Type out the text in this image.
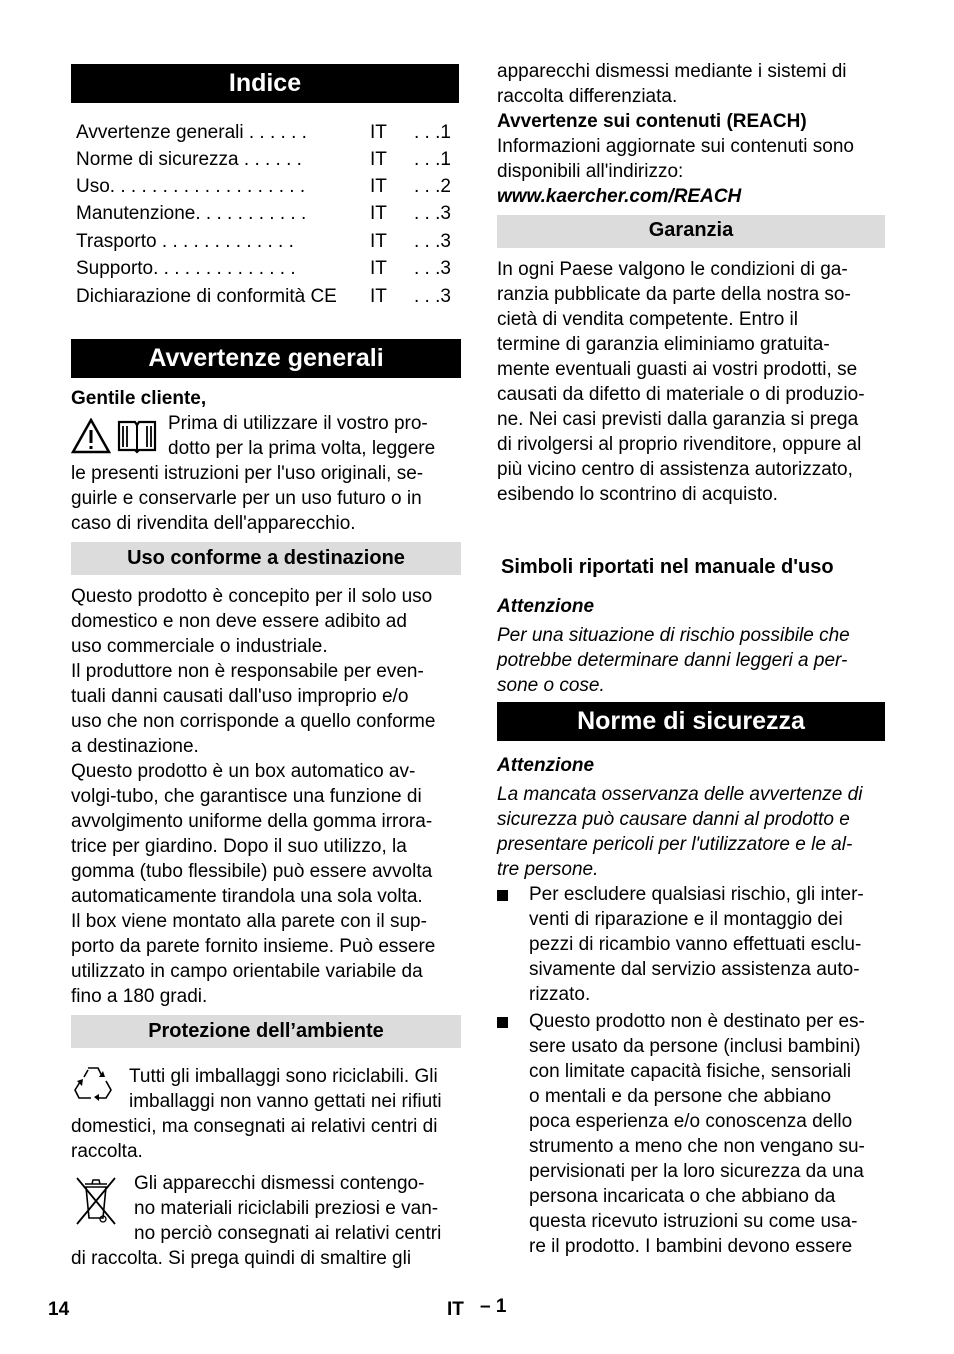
Indice
Avvertenze generali . . . . . .	IT . . .1
Norme di sicurezza . . . . . .	IT . . .1
Uso. . . . . . . . . . . . . . . . . . .	IT . . .2
Manutenzione. . . . . . . . . . .	IT . . .3
Trasporto . . . . . . . . . . . . .	IT . . .3
Supporto. . . . . . . . . . . . . .	IT . . .3
Dichiarazione di conformità CE IT . . .3
Avvertenze generali

Gentile cliente,

Prima di utilizzare il vostro pro-

dotto per la prima volta, leggere

le presenti istruzioni per l'uso originali, se-

guirle e conservarle per un uso futuro o in

caso di rivendita dell'apparecchio.

Uso conforme a destinazione

Questo prodotto è concepito per il solo uso

domestico e non deve essere adibito ad

uso commerciale o industriale.

Il produttore non è responsabile per even-

tuali danni causati dall'uso improprio e/o

uso che non corrisponde a quello conforme

a destinazione.

Questo prodotto è un box automatico av-

volgi-tubo, che garantisce una funzione di

avvolgimento uniforme della gomma irrora-

trice per giardino. Dopo il suo utilizzo, la

gomma (tubo flessibile) può essere avvolta

automaticamente tirandola una sola volta.

Il box viene montato alla parete con il sup-

porto da parete fornito insieme. Può essere

utilizzato in campo orientabile variabile da

fino a 180 gradi.

Protezione dell’ambiente

Tutti gli imballaggi sono riciclabili. Gli

imballaggi non vanno gettati nei rifiuti

domestici, ma consegnati ai relativi centri di

raccolta.

Gli apparecchi dismessi contengo-

no materiali riciclabili preziosi e van-

no perciò consegnati ai relativi centri

di raccolta. Si prega quindi di smaltire gli

apparecchi dismessi mediante i sistemi di

raccolta differenziata.

Avvertenze sui contenuti (REACH)

Informazioni aggiornate sui contenuti sono

disponibili all'indirizzo:

www.kaercher.com/REACH

Garanzia

In ogni Paese valgono le condizioni di ga-

ranzia pubblicate da parte della nostra so-

cietà di vendita competente. Entro il

termine di garanzia eliminiamo gratuita-

mente eventuali guasti ai vostri prodotti, se

causati da difetto di materiale o di produzio-

ne. Nei casi previsti dalla garanzia si prega

di rivolgersi al proprio rivenditore, oppure al

più vicino centro di assistenza autorizzato,

esibendo lo scontrino di acquisto.

Simboli riportati nel manuale d'uso

Attenzione

Per una situazione di rischio possibile che

potrebbe determinare danni leggeri a per-

sone o cose.

Norme di sicurezza

Attenzione

La mancata osservanza delle avvertenze di

sicurezza può causare danni al prodotto e

presentare pericoli per l'utilizzatore e le al-

tre persone.

Per escludere qualsiasi rischio, gli inter-

venti di riparazione e il montaggio dei

pezzi di ricambio vanno effettuati esclu-

sivamente dal servizio assistenza auto-

rizzato.

Questo prodotto non è destinato per es-

sere usato da persone (inclusi bambini)

con limitate capacità fisiche, sensoriali

o mentali e da persone che abbiano

poca esperienza e/o conoscenza dello

strumento a meno che non vengano su-

pervisionati per la loro sicurezza da una

persona incaricata o che abbiano da

questa ricevuto istruzioni su come usa-

re il prodotto. I bambini devono essere

14	IT – 1
